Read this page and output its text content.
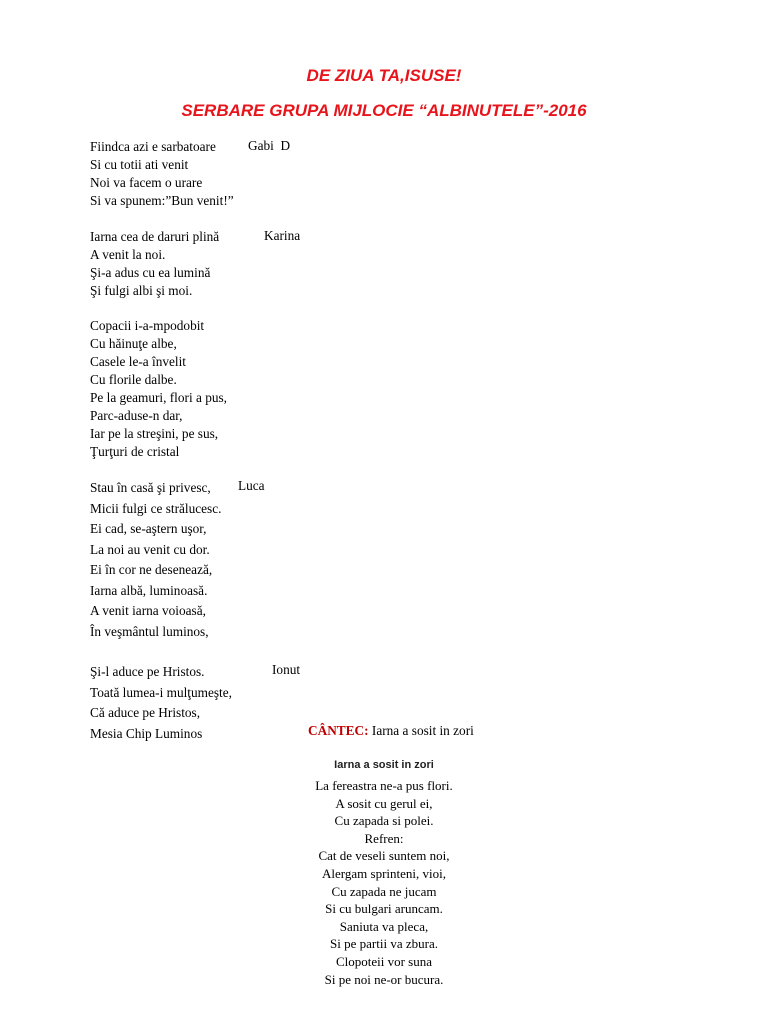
DE ZIUA TA,ISUSE!
SERBARE GRUPA MIJLOCIE “ALBINUTELE”-2016
Fiindca azi e sarbatoare
Si cu totii ati venit
Noi va facem o urare
Si va spunem:”Bun venit!”
Gabi  D
Iarna cea de daruri plină
A venit la noi.
Şi-a adus cu ea lumină
Şi fulgi albi şi moi.
Karina
Copacii i-a-mpodobit
Cu hăinuţe albe,
Casele le-a învelit
Cu florile dalbe.
Pe la geamuri, flori a pus,
Parc-aduse-n dar,
Iar pe la streşini, pe sus,
Ţurţuri de cristal
Stau în casă şi privesc,
Micii fulgi ce strălucesc.
Ei cad, se-aştern uşor,
La noi au venit cu dor.
Ei în cor ne desenează,
Iarna albă, luminoasă.
A venit iarna voioasă,
În veşmântul luminos,
Luca
Şi-l aduce pe Hristos.
Toată lumea-i mulţumeşte,
Că aduce pe Hristos,
Mesia Chip Luminos
Ionut
CÂNTEC: Iarna a sosit in zori
Iarna a sosit in zori
La fereastra ne-a pus flori.
A sosit cu gerul ei,
Cu zapada si polei.
Refren:
Cat de veseli suntem noi,
Alergam sprinteni, vioi,
Cu zapada ne jucam
Si cu bulgari aruncam.
Saniuta va pleca,
Si pe partii va zbura.
Clopoteii vor suna
Si pe noi ne-or bucura.
